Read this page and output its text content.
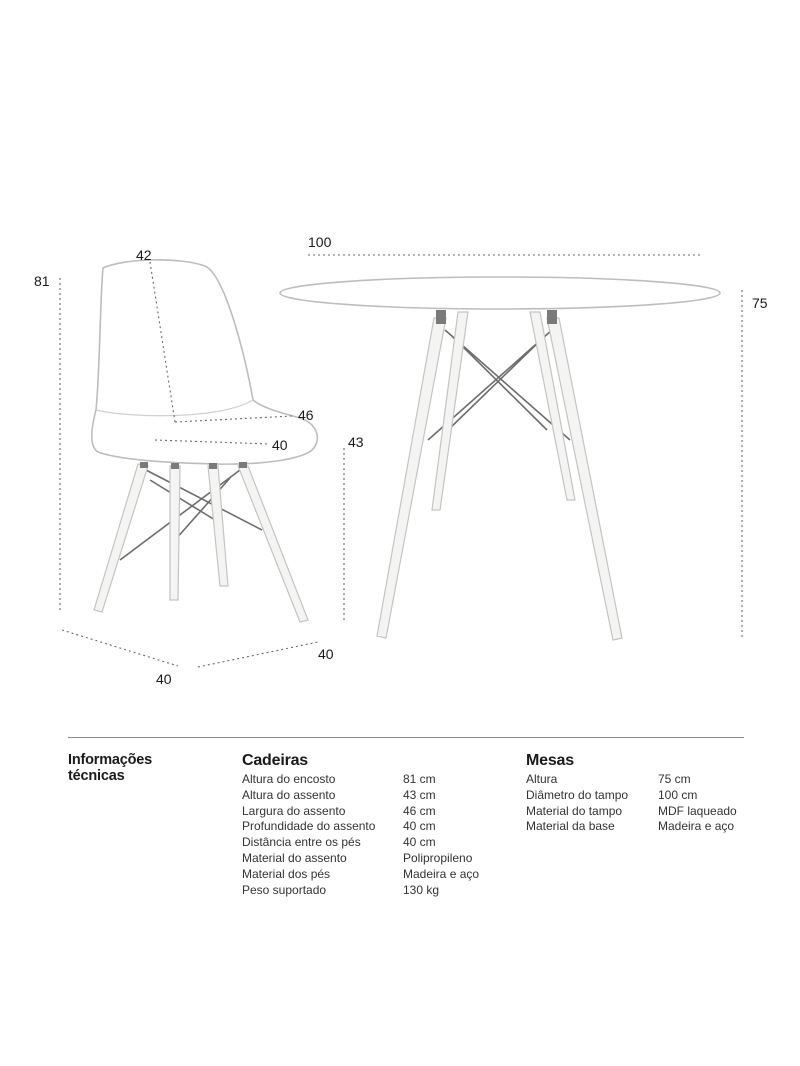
81
42
46
40	43
40
40
100
75
Informações
técnicas
Cadeiras
Altura do encosto	81 cm
Altura do assento	43 cm
Largura do assento	46 cm
Profundidade do assento 40 cm
Distância entre os pés	40 cm
Material do assento	Polipropileno
Material dos pés	Madeira e aço
Peso suportado	130 kg
Mesas
Altura	75 cm
Diâmetro do tampo 100 cm
Material do tampo	MDF laqueado
Material da base	Madeira e aço
